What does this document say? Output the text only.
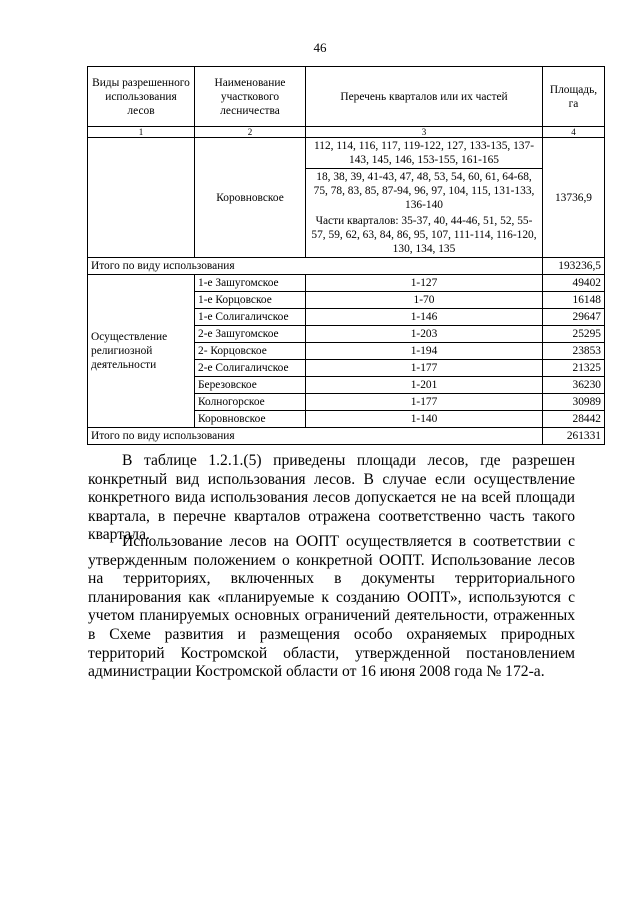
46
Виды разрешенного использования лесов	Наименование участкового лесничества	Перечень кварталов или их частей	Площадь, га
1	2	3	4
	Коровновское	112, 114, 116, 117, 119-122, 127, 133-135, 137-143, 145, 146, 153-155, 161-165	13736,9
		18, 38, 39, 41-43, 47, 48, 53, 54, 60, 61, 64-68, 75, 78, 83, 85, 87-94, 96, 97, 104, 115, 131-133, 136-140	
		Части кварталов: 35-37, 40, 44-46, 51, 52, 55-57, 59, 62, 63, 84, 86, 95, 107, 111-114, 116-120, 130, 134, 135	
Итого по виду использования			193236,5
Осуществление религиозной деятельности	1-е Зашугомское	1-127	49402
	1-е Корцовское	1-70	16148
	1-е Солигаличское	1-146	29647
	2-е Зашугомское	1-203	25295
	2- Корцовское	1-194	23853
	2-е Солигаличское	1-177	21325
	Березовское	1-201	36230
	Колногорское	1-177	30989
	Коровновское	1-140	28442
Итого по виду использования			261331

В таблице 1.2.1.(5) приведены площади лесов, где разрешен конкретный вид использования лесов. В случае если осуществление конкретного вида использования лесов допускается не на всей площади квартала, в перечне кварталов отражена соответственно часть такого квартала.

Использование лесов на ООПТ осуществляется в соответствии с утвержденным положением о конкретной ООПТ. Использование лесов на территориях, включенных в документы территориального планирования как «планируемые к созданию ООПТ», используются с учетом планируемых основных ограничений деятельности, отраженных в Схеме развития и размещения особо охраняемых природных территорий Костромской области, утвержденной постановлением администрации Костромской области от 16 июня 2008 года № 172-а.
